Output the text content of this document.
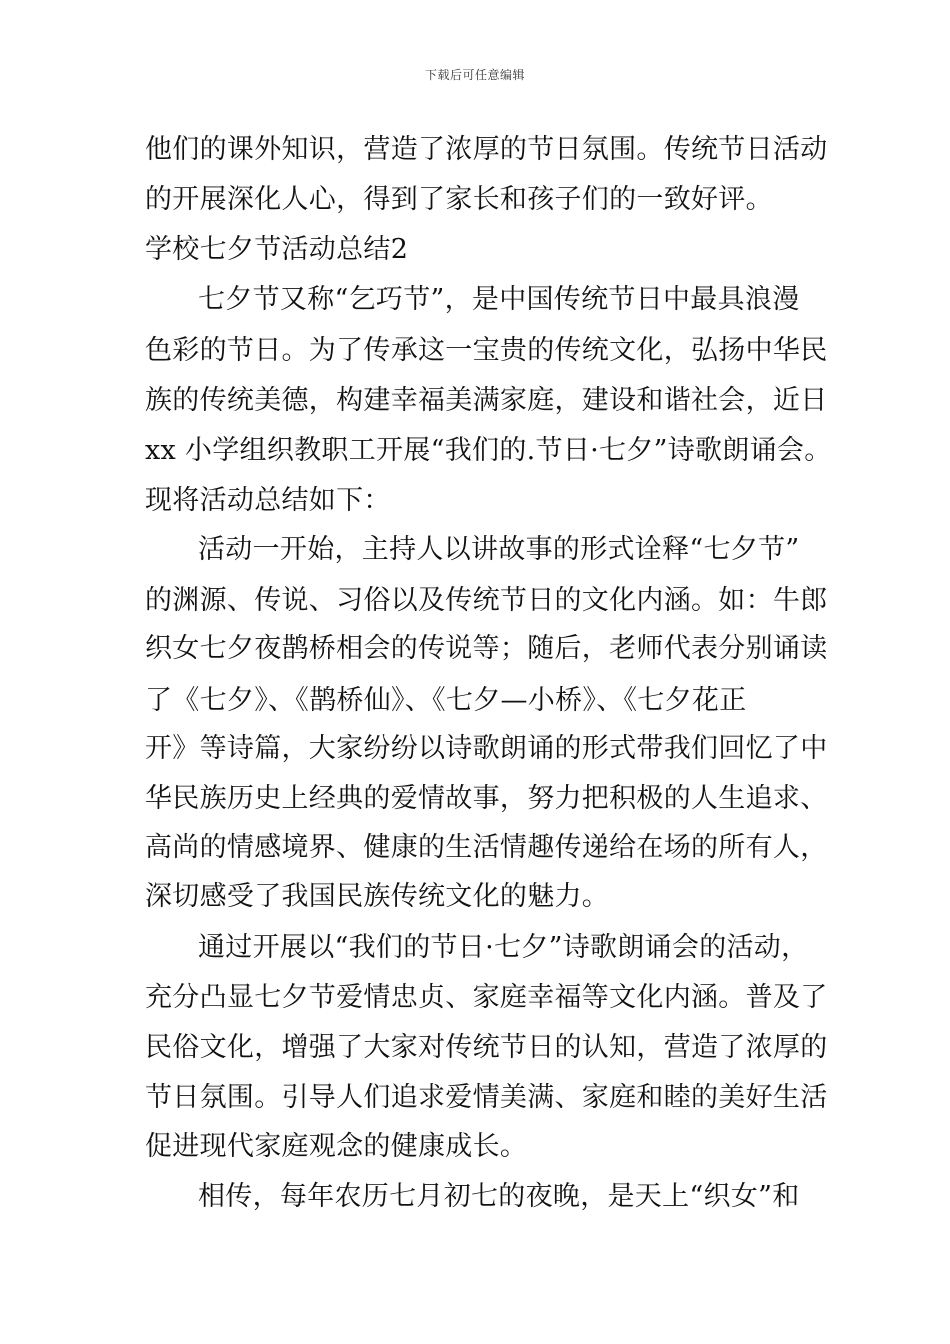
下载后可任意编辑
他们的课外知识，营造了浓厚的节日氛围。传统节日活动
的开展深化人心，得到了家长和孩子们的一致好评。
学校七夕节活动总结2
七夕节又称“乞巧节”，是中国传统节日中最具浪漫
色彩的节日。为了传承这一宝贵的传统文化，弘扬中华民
族的传统美德，构建幸福美满家庭，建设和谐社会，近日
xx 小学组织教职工开展“我们的.节日·七夕”诗歌朗诵会。
现将活动总结如下：
活动一开始，主持人以讲故事的形式诠释“七夕节”
的渊源、传说、习俗以及传统节日的文化内涵。如：牛郎
织女七夕夜鹊桥相会的传说等；随后，老师代表分别诵读
了《七夕》、《鹊桥仙》、《七夕—小桥》、《七夕花正
开》等诗篇，大家纷纷以诗歌朗诵的形式带我们回忆了中
华民族历史上经典的爱情故事，努力把积极的人生追求、
高尚的情感境界、健康的生活情趣传递给在场的所有人，
深切感受了我国民族传统文化的魅力。
通过开展以“我们的节日·七夕”诗歌朗诵会的活动，
充分凸显七夕节爱情忠贞、家庭幸福等文化内涵。普及了
民俗文化，增强了大家对传统节日的认知，营造了浓厚的
节日氛围。引导人们追求爱情美满、家庭和睦的美好生活
促进现代家庭观念的健康成长。
相传，每年农历七月初七的夜晚，是天上“织女”和
